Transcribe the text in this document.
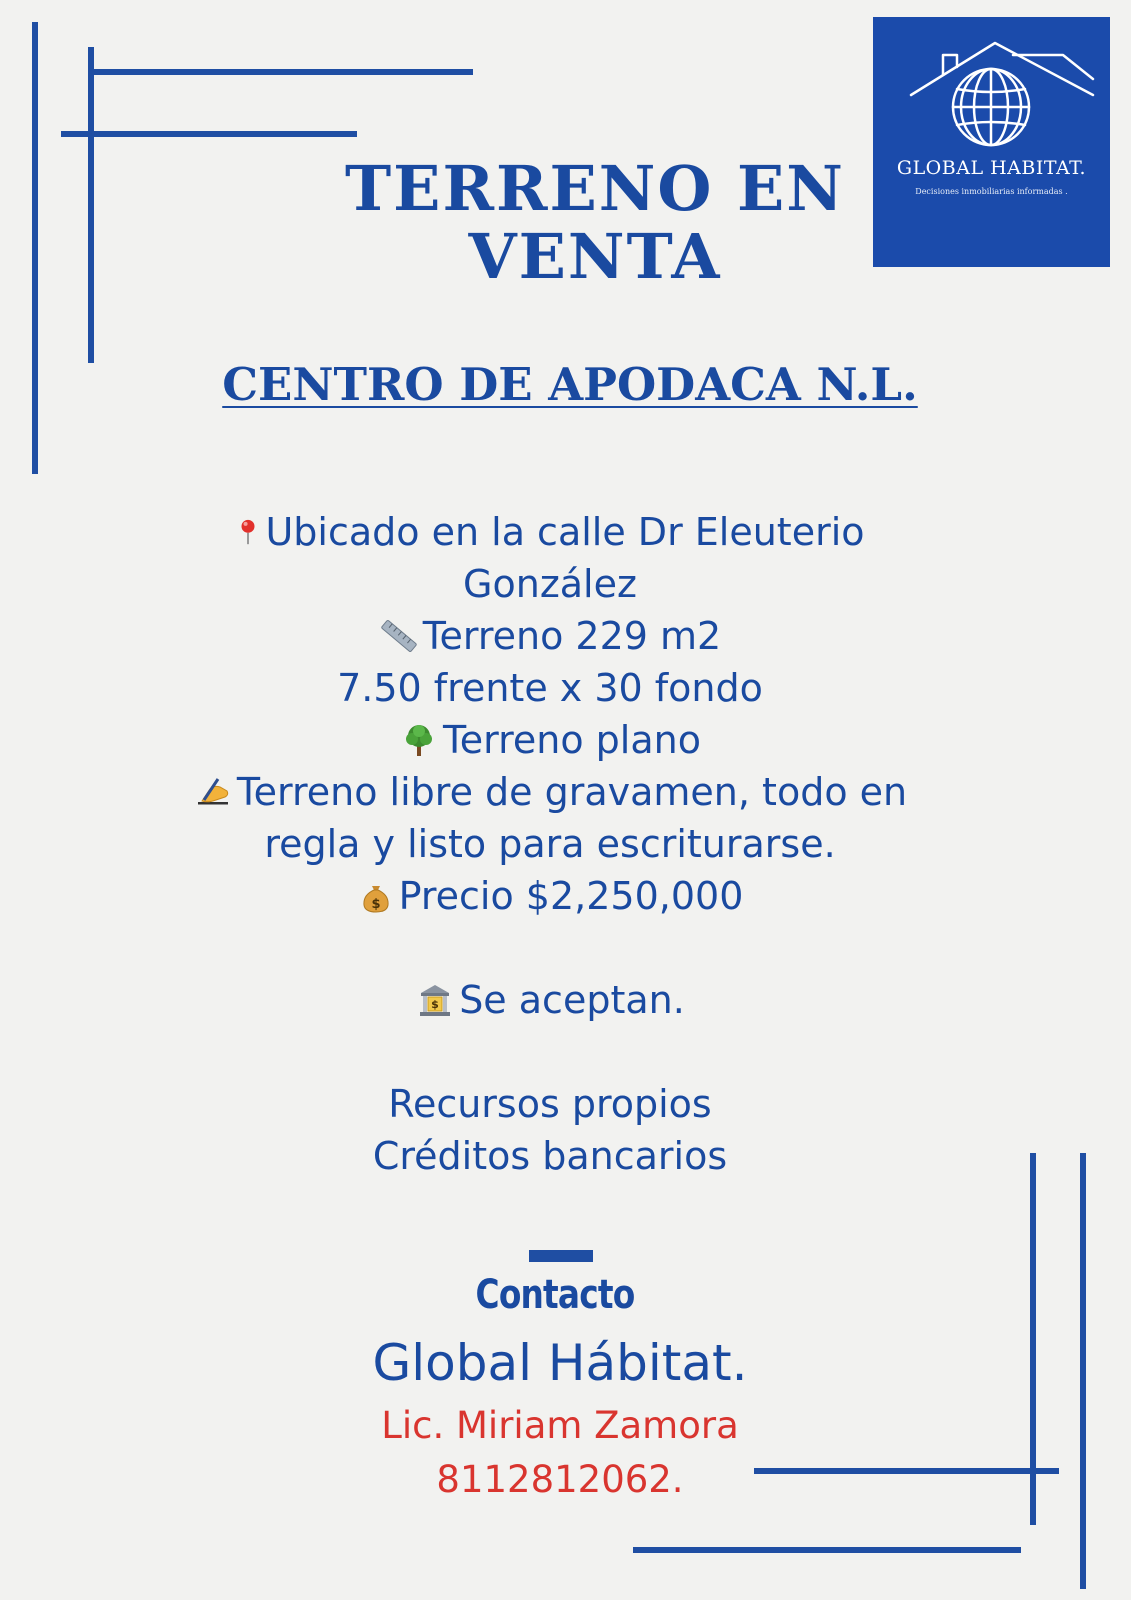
GLOBAL HABITAT.
Decisiones inmobiliarias informadas .
TERRENO EN
VENTA
CENTRO DE APODACA N.L.
Ubicado en la calle Dr Eleuterio
González
Terreno 229 m2
7.50 frente x 30 fondo
Terreno plano
Terreno libre de gravamen, todo en
regla y listo para escriturarse.
$ Precio $2,250,000
$ Se aceptan.
Recursos propios
Créditos bancarios
Contacto
Global Hábitat.
Lic. Miriam Zamora
8112812062.
